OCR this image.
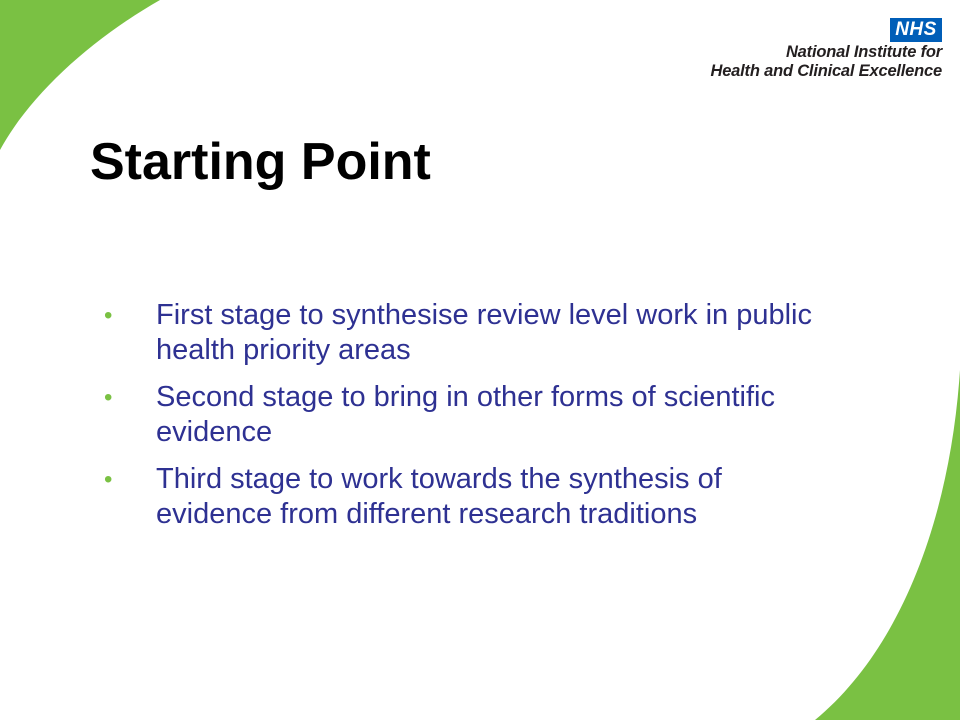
NHS
National Institute for
Health and Clinical Excellence
Starting Point
• First stage to synthesise review level work in public health priority areas
• Second stage to bring in other forms of scientific evidence
• Third stage to work towards the synthesis of evidence from different research traditions
